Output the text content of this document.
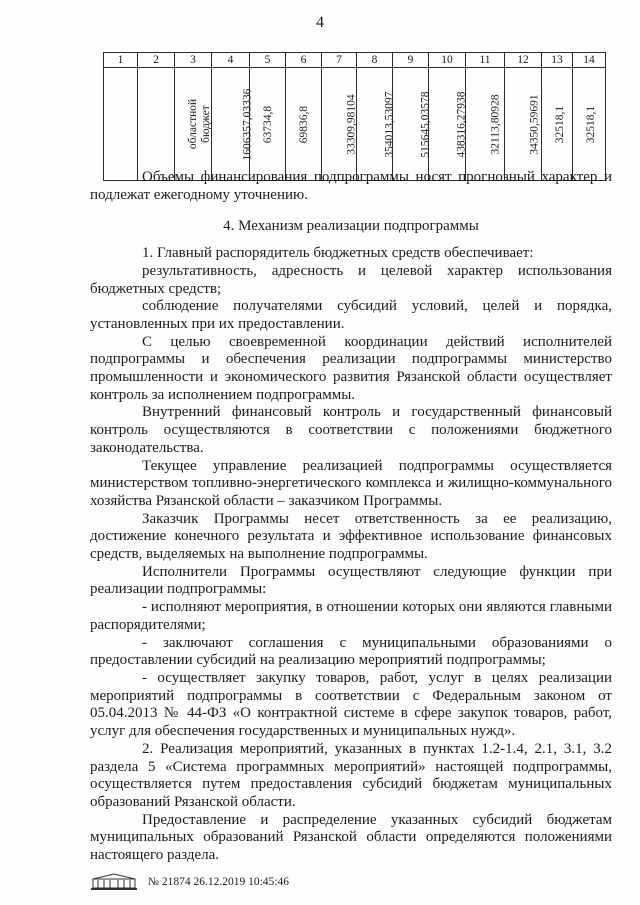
4
1	2	3	4	5	6	7	8	9	10	11	12	13	14

		областной бюджет	1606357,03336	63734,8	69836,8	33309,98104	354013,53097	515645,03578	438316,27938	32113,80928	34350,59691	32518,1	32518,1

Объемы финансирования подпрограммы носят прогнозный характер и подлежат ежегодному уточнению.

4. Механизм реализации подпрограммы

1. Главный распорядитель бюджетных средств обеспечивает:

результативность, адресность и целевой характер использования бюджетных средств;

соблюдение получателями субсидий условий, целей и порядка, установленных при их предоставлении.

С целью своевременной координации действий исполнителей подпрограммы и обеспечения реализации подпрограммы министерство промышленности и экономического развития Рязанской области осуществляет контроль за исполнением подпрограммы.

Внутренний финансовый контроль и государственный финансовый контроль осуществляются в соответствии с положениями бюджетного законодательства.

Текущее управление реализацией подпрограммы осуществляется министерством топливно-энергетического комплекса и жилищно-коммунального хозяйства Рязанской области – заказчиком Программы.

Заказчик Программы несет ответственность за ее реализацию, достижение конечного результата и эффективное использование финансовых средств, выделяемых на выполнение подпрограммы.

Исполнители Программы осуществляют следующие функции при реализации подпрограммы:

- исполняют мероприятия, в отношении которых они являются главными распорядителями;

- заключают соглашения с муниципальными образованиями о предоставлении субсидий на реализацию мероприятий подпрограммы;

- осуществляет закупку товаров, работ, услуг в целях реализации мероприятий подпрограммы в соответствии с Федеральным законом от 05.04.2013 № 44-ФЗ «О контрактной системе в сфере закупок товаров, работ, услуг для обеспечения государственных и муниципальных нужд».

2. Реализация мероприятий, указанных в пунктах 1.2-1.4, 2.1, 3.1, 3.2 раздела 5 «Система программных мероприятий» настоящей подпрограммы, осуществляется путем предоставления субсидий бюджетам муниципальных образований Рязанской области.

Предоставление и распределение указанных субсидий бюджетам муниципальных образований Рязанской области определяются положениями настоящего раздела.

№ 21874 26.12.2019 10:45:46
